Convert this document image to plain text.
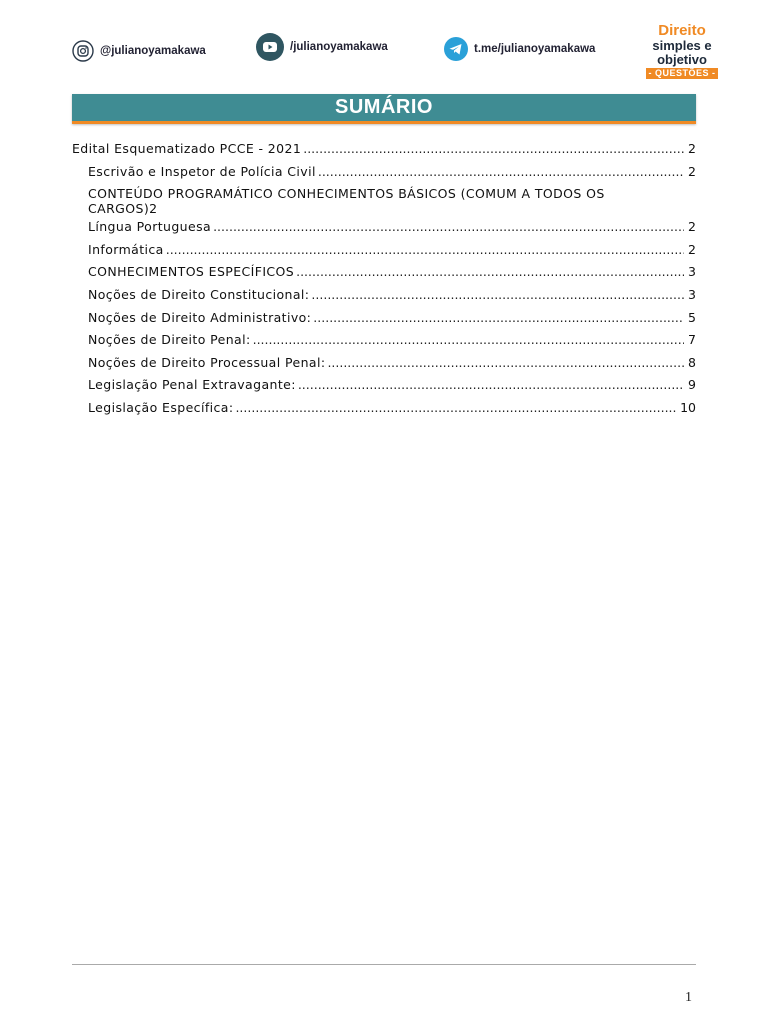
@julianoyamakawa	/julianoyamakawa	t.me/julianoyamakawa
Direito
simples e
objetivo
- QUESTÕES -
SUMÁRIO
Edital Esquematizado PCCE - 2021 .....	2
Escrivão e Inspetor de Polícia Civil .....	2
CONTEÚDO PROGRAMÁTICO CONHECIMENTOS BÁSICOS (COMUM A TODOS OS
CARGOS) 2
Língua Portuguesa .....	2
Informática .....	2
CONHECIMENTOS ESPECÍFICOS .....	3
Noções de Direito Constitucional: .....	3
Noções de Direito Administrativo: .....	5
Noções de Direito Penal: .....	7
Noções de Direito Processual Penal: .....	8
Legislação Penal Extravagante: .....	9
Legislação Específica: .....	10
1
